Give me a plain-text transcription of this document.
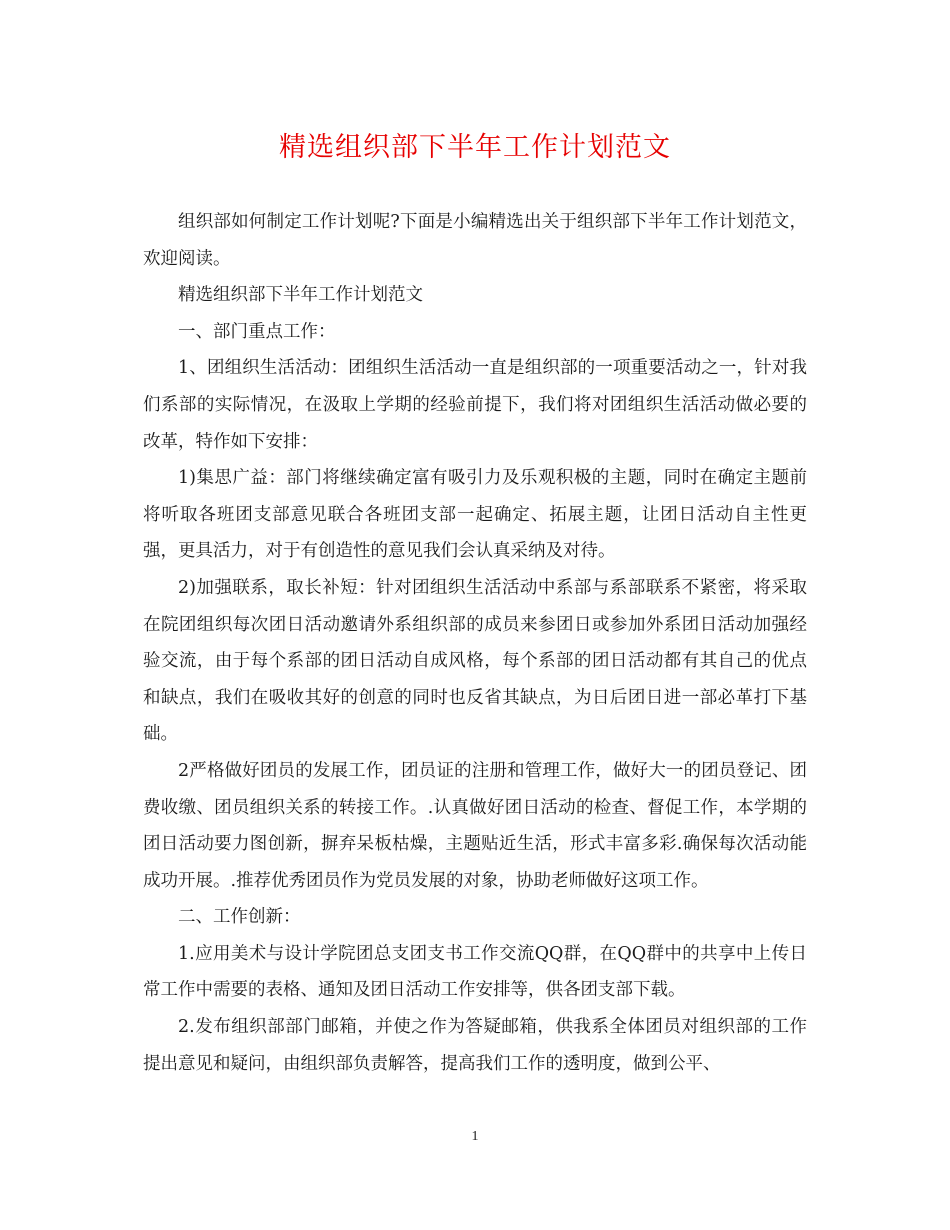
精选组织部下半年工作计划范文

组织部如何制定工作计划呢?下面是小编精选出关于组织部下半年工作计划范文，欢迎阅读。

精选组织部下半年工作计划范文

一、部门重点工作：

1、团组织生活活动：团组织生活活动一直是组织部的一项重要活动之一，针对我们系部的实际情况，在汲取上学期的经验前提下，我们将对团组织生活活动做必要的改革，特作如下安排：

1)集思广益：部门将继续确定富有吸引力及乐观积极的主题，同时在确定主题前将听取各班团支部意见联合各班团支部一起确定、拓展主题，让团日活动自主性更强，更具活力，对于有创造性的意见我们会认真采纳及对待。

2)加强联系，取长补短：针对团组织生活活动中系部与系部联系不紧密，将采取在院团组织每次团日活动邀请外系组织部的成员来参团日或参加外系团日活动加强经验交流，由于每个系部的团日活动自成风格，每个系部的团日活动都有其自己的优点和缺点，我们在吸收其好的创意的同时也反省其缺点，为日后团日进一部必革打下基础。

2严格做好团员的发展工作，团员证的注册和管理工作，做好大一的团员登记、团费收缴、团员组织关系的转接工作。.认真做好团日活动的检查、督促工作，本学期的团日活动要力图创新，摒弃呆板枯燥，主题贴近生活，形式丰富多彩.确保每次活动能成功开展。.推荐优秀团员作为党员发展的对象，协助老师做好这项工作。

二、工作创新：

1.应用美术与设计学院团总支团支书工作交流QQ群，在QQ群中的共享中上传日常工作中需要的表格、通知及团日活动工作安排等，供各团支部下载。

2.发布组织部部门邮箱，并使之作为答疑邮箱，供我系全体团员对组织部的工作提出意见和疑问，由组织部负责解答，提高我们工作的透明度，做到公平、

1
